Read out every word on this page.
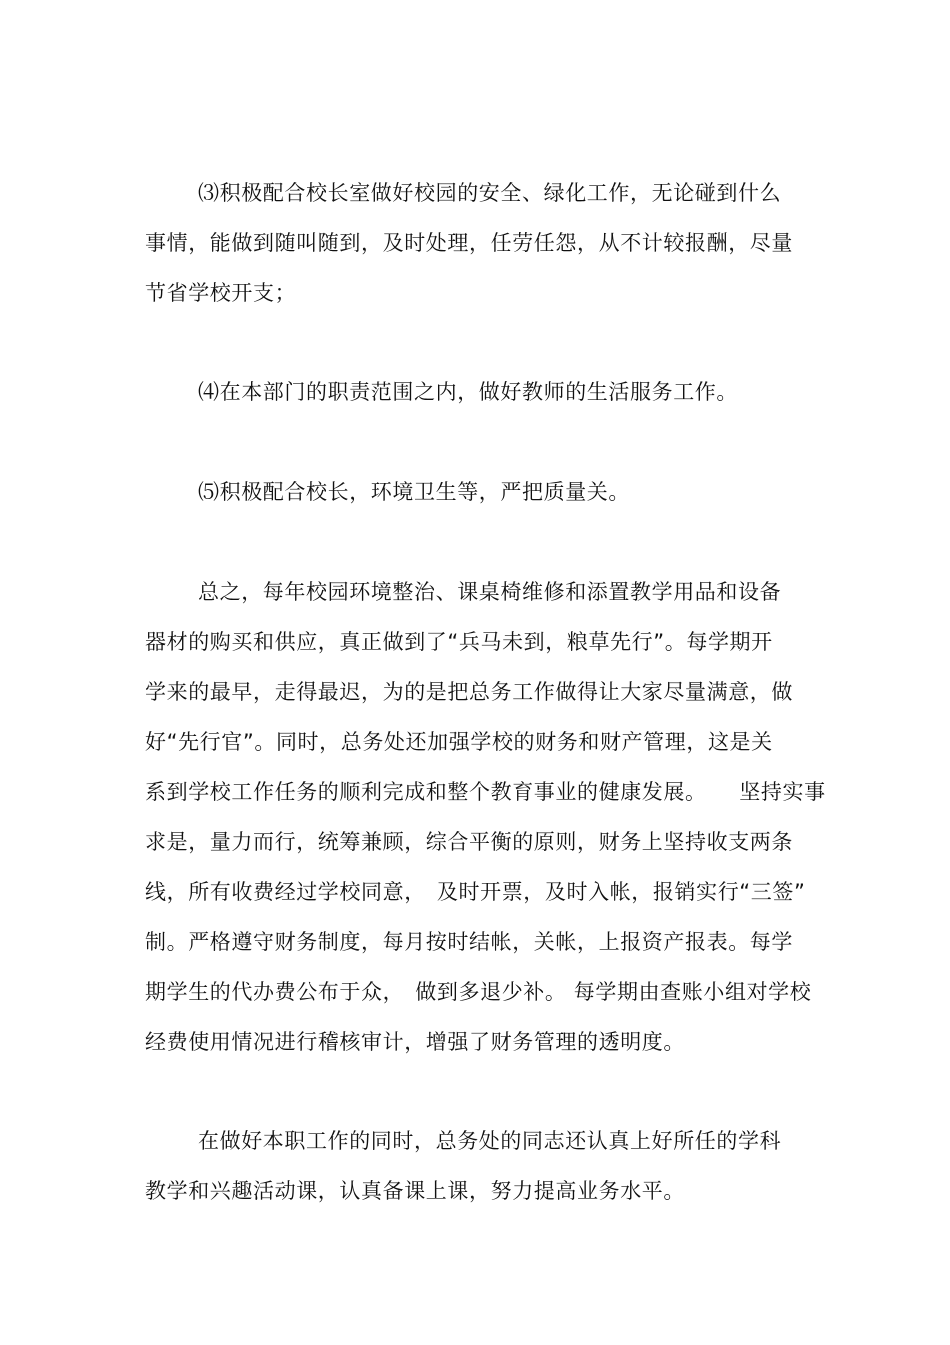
⑶积极配合校长室做好校园的安全、绿化工作，无论碰到什么
事情，能做到随叫随到，及时处理，任劳任怨，从不计较报酬，尽量
节省学校开支；
⑷在本部门的职责范围之内，做好教师的生活服务工作。
⑸积极配合校长，环境卫生等，严把质量关。
总之，每年校园环境整治、课桌椅维修和添置教学用品和设备
器材的购买和供应，真正做到了“兵马未到，粮草先行”。每学期开
学来的最早，走得最迟，为的是把总务工作做得让大家尽量满意，做
好“先行官”。同时，总务处还加强学校的财务和财产管理，这是关
系到学校工作任务的顺利完成和整个教育事业的健康发展。　　坚持实事
求是，量力而行，统筹兼顾，综合平衡的原则，财务上坚持收支两条
线，所有收费经过学校同意，　及时开票，及时入帐，报销实行“三签”
制。严格遵守财务制度，每月按时结帐，关帐，上报资产报表。每学
期学生的代办费公布于众，　做到多退少补。 每学期由查账小组对学校
经费使用情况进行稽核审计，增强了财务管理的透明度。
在做好本职工作的同时，总务处的同志还认真上好所任的学科
教学和兴趣活动课，认真备课上课，努力提高业务水平。
